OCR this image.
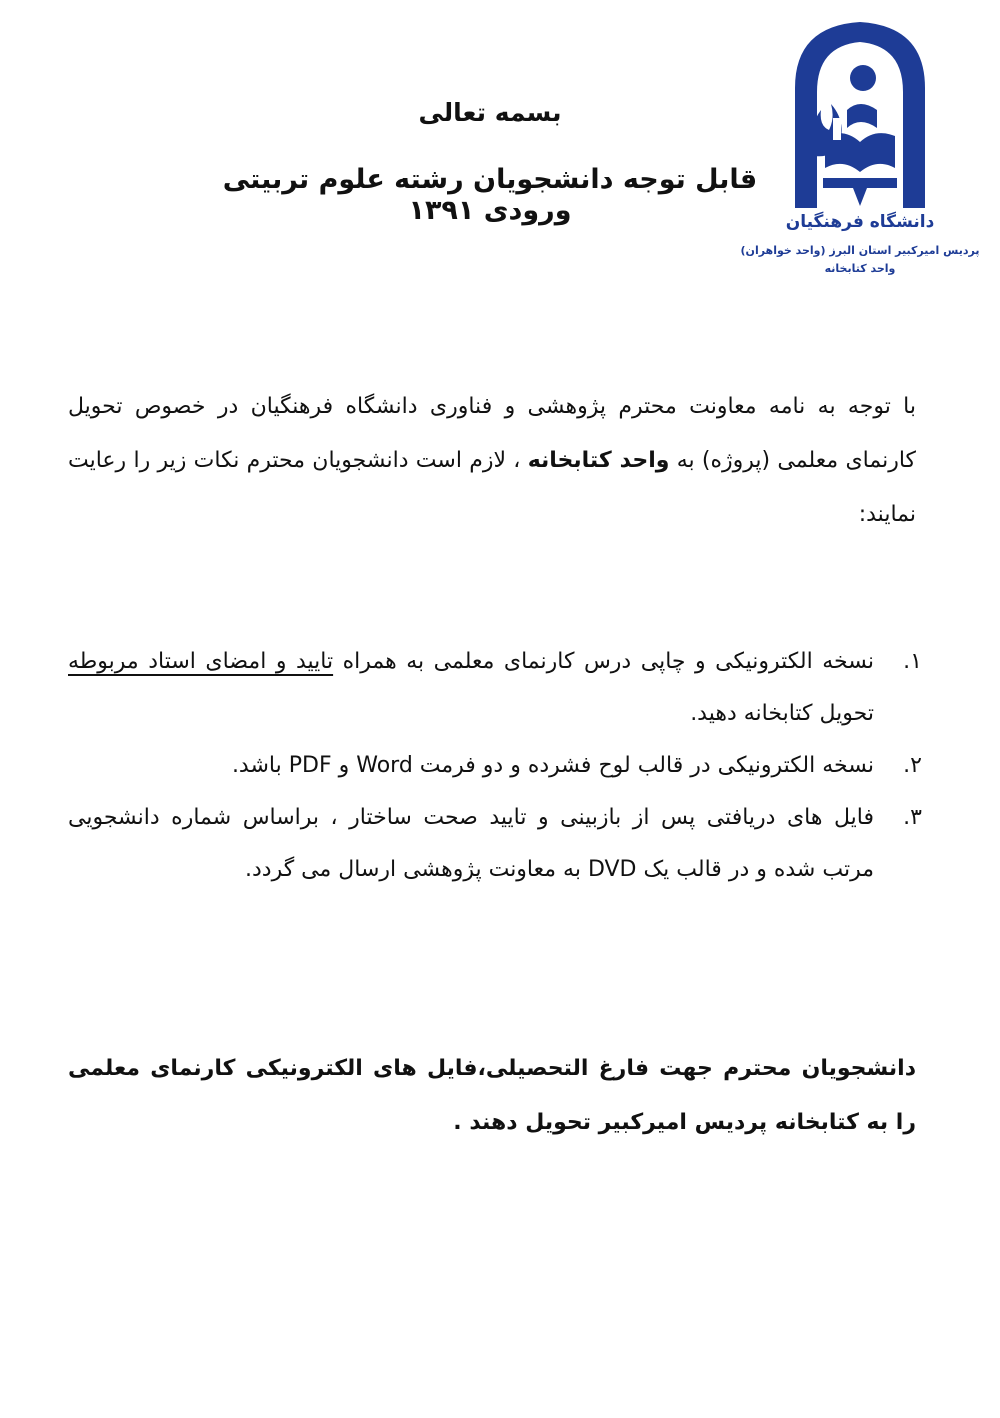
دانشگاه فرهنگیان
پردیس امیرکبیر استان البرز (واحد خواهران)
واحد کتابخانه
بسمه تعالی
قابل توجه دانشجویان رشته علوم تربیتی ورودی ۱۳۹۱

با توجه به نامه معاونت محترم پژوهشی و فناوری دانشگاه فرهنگیان در خصوص تحویل کارنمای معلمی (پروژه) به واحد کتابخانه ، لازم است دانشجویان محترم نکات زیر را رعایت نمایند:

۱.
نسخه الکترونیکی و چاپی درس کارنمای معلمی به همراه تایید و امضای استاد مربوطه تحویل کتابخانه دهید.
۲.
نسخه الکترونیکی در قالب لوح فشرده و دو فرمت Word و PDF باشد.
۳.
فایل های دریافتی پس از بازبینی و تایید صحت ساختار ، براساس شماره دانشجویی مرتب شده و در قالب یک DVD به معاونت پژوهشی ارسال می گردد.

دانشجویان محترم جهت فارغ التحصیلی،فایل های الکترونیکی کارنمای معلمی را به کتابخانه پردیس امیرکبیر تحویل دهند .
